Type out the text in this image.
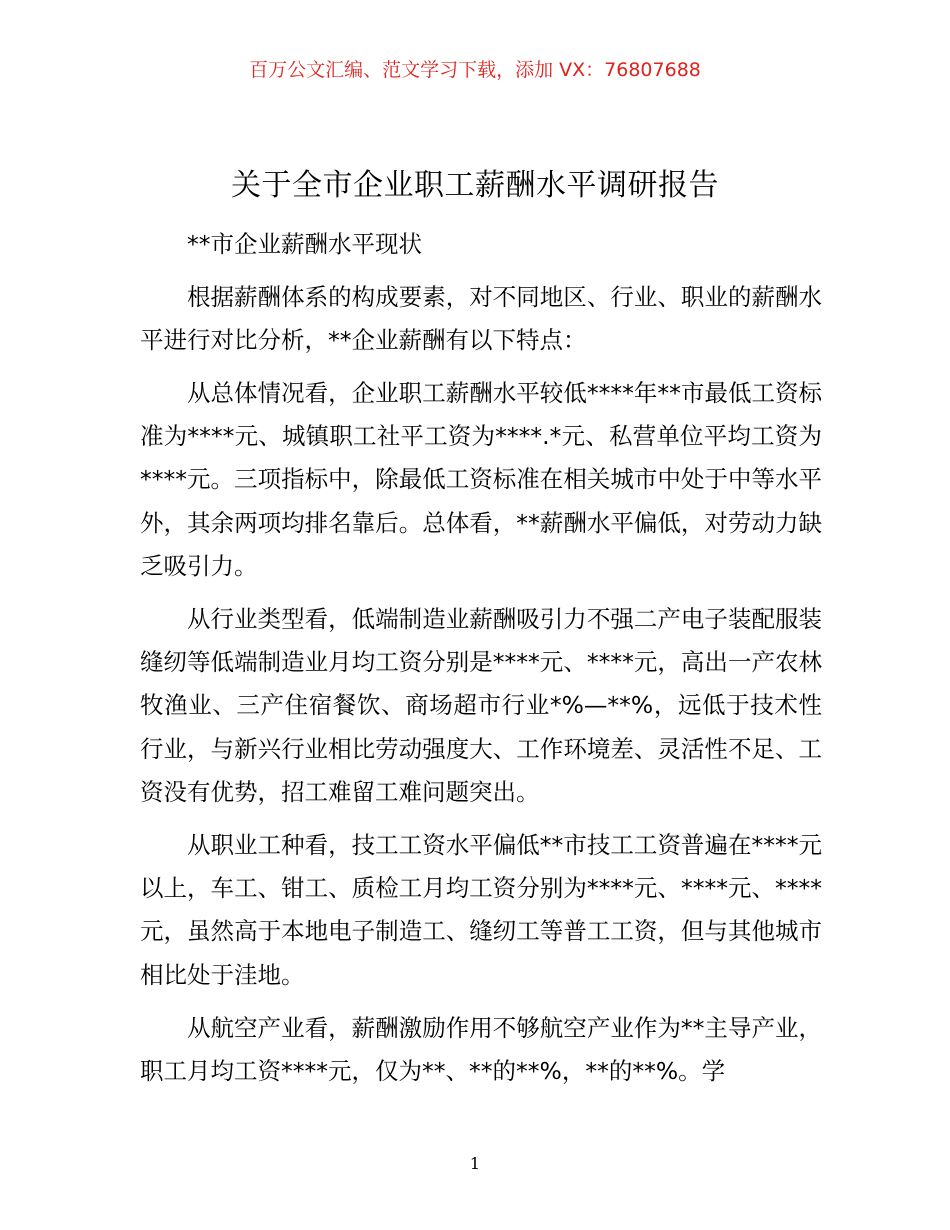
百万公文汇编、范文学习下载，添加 VX：76807688
关于全市企业职工薪酬水平调研报告

**市企业薪酬水平现状

根据薪酬体系的构成要素，对不同地区、行业、职业的薪酬水平进行对比分析，**企业薪酬有以下特点：

从总体情况看，企业职工薪酬水平较低****年**市最低工资标准为****元、城镇职工社平工资为****.*元、私营单位平均工资为****元。三项指标中，除最低工资标准在相关城市中处于中等水平外，其余两项均排名靠后。总体看，**薪酬水平偏低，对劳动力缺乏吸引力。

从行业类型看，低端制造业薪酬吸引力不强二产电子装配服装缝纫等低端制造业月均工资分别是****元、****元，高出一产农林牧渔业、三产住宿餐饮、商场超市行业*%—**%，远低于技术性行业，与新兴行业相比劳动强度大、工作环境差、灵活性不足、工资没有优势，招工难留工难问题突出。

从职业工种看，技工工资水平偏低**市技工工资普遍在****元以上，车工、钳工、质检工月均工资分别为****元、****元、****元，虽然高于本地电子制造工、缝纫工等普工工资，但与其他城市相比处于洼地。

从航空产业看，薪酬激励作用不够航空产业作为**主导产业，职工月均工资****元，仅为**、**的**%，**的**%。学

1
